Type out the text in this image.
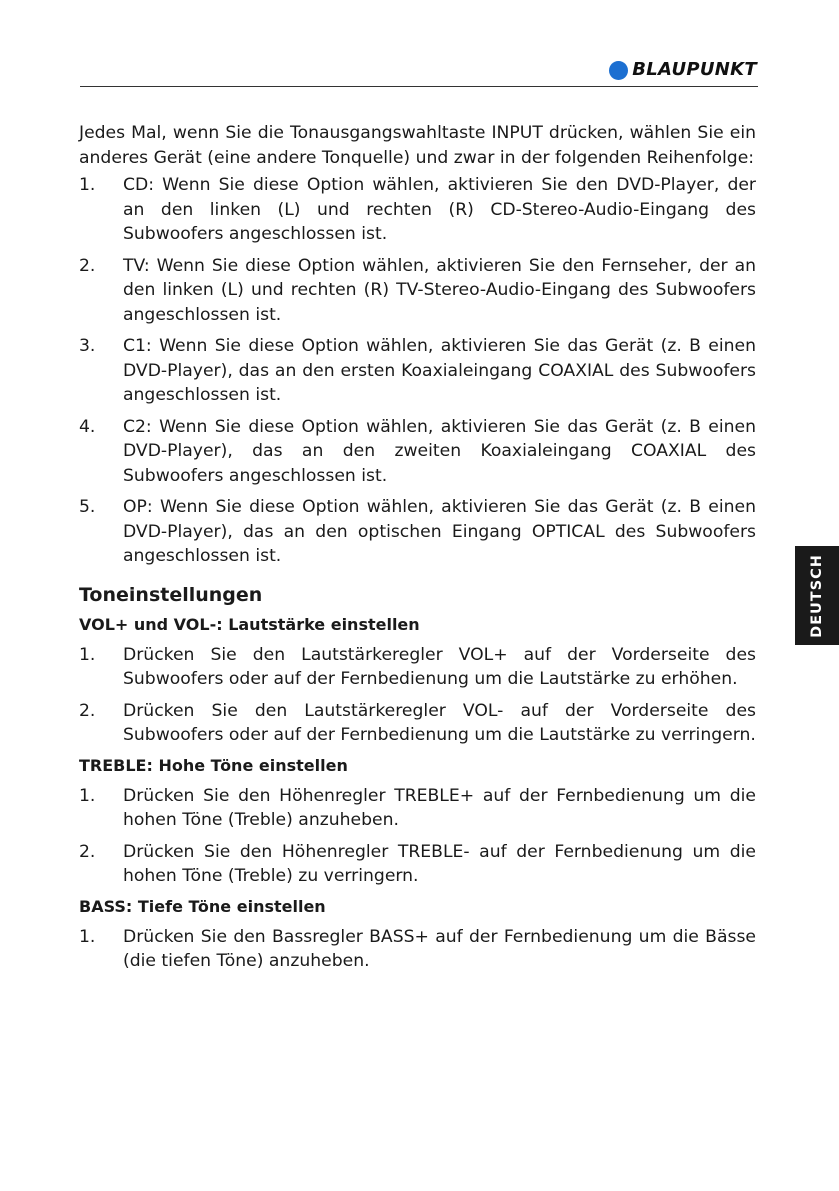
BLAUPUNKT
DEUTSCH

Jedes Mal, wenn Sie die Tonausgangswahltaste INPUT drücken, wählen Sie ein anderes Gerät (eine andere Tonquelle) und zwar in der folgenden Reihenfolge:

1.	CD: Wenn Sie diese Option wählen, aktivieren Sie den DVD-Player, der an den linken (L) und rechten (R) CD-Stereo-Audio-Eingang des Subwoofers angeschlossen ist.
2.	TV: Wenn Sie diese Option wählen, aktivieren Sie den Fernseher, der an den linken (L) und rechten (R) TV-Stereo-Audio-Eingang des Subwoofers angeschlossen ist.
3.	C1: Wenn Sie diese Option wählen, aktivieren Sie das Gerät (z. B einen DVD-Player), das an den ersten Koaxialeingang COAXIAL des Subwoofers angeschlossen ist.
4.	C2: Wenn Sie diese Option wählen, aktivieren Sie das Gerät (z. B einen DVD-Player), das an den zweiten Koaxialeingang COAXIAL des Subwoofers angeschlossen ist.
5.	OP: Wenn Sie diese Option wählen, aktivieren Sie das Gerät (z. B einen DVD-Player), das an den optischen Eingang OPTICAL des Subwoofers angeschlossen ist.
Toneinstellungen
VOL+ und VOL-: Lautstärke einstellen
1.	Drücken Sie den Lautstärkeregler VOL+ auf der Vorderseite des Subwoofers oder auf der Fernbedienung um die Lautstärke zu erhöhen.
2.	Drücken Sie den Lautstärkeregler VOL- auf der Vorderseite des Subwoofers oder auf der Fernbedienung um die Lautstärke zu verringern.
TREBLE: Hohe Töne einstellen
1.	Drücken Sie den Höhenregler TREBLE+ auf der Fernbedienung um die hohen Töne (Treble) anzuheben.
2.	Drücken Sie den Höhenregler TREBLE- auf der Fernbedienung um die hohen Töne (Treble) zu verringern.
BASS: Tiefe Töne einstellen
1.	Drücken Sie den Bassregler BASS+ auf der Fernbedienung um die Bässe (die tiefen Töne) anzuheben.
